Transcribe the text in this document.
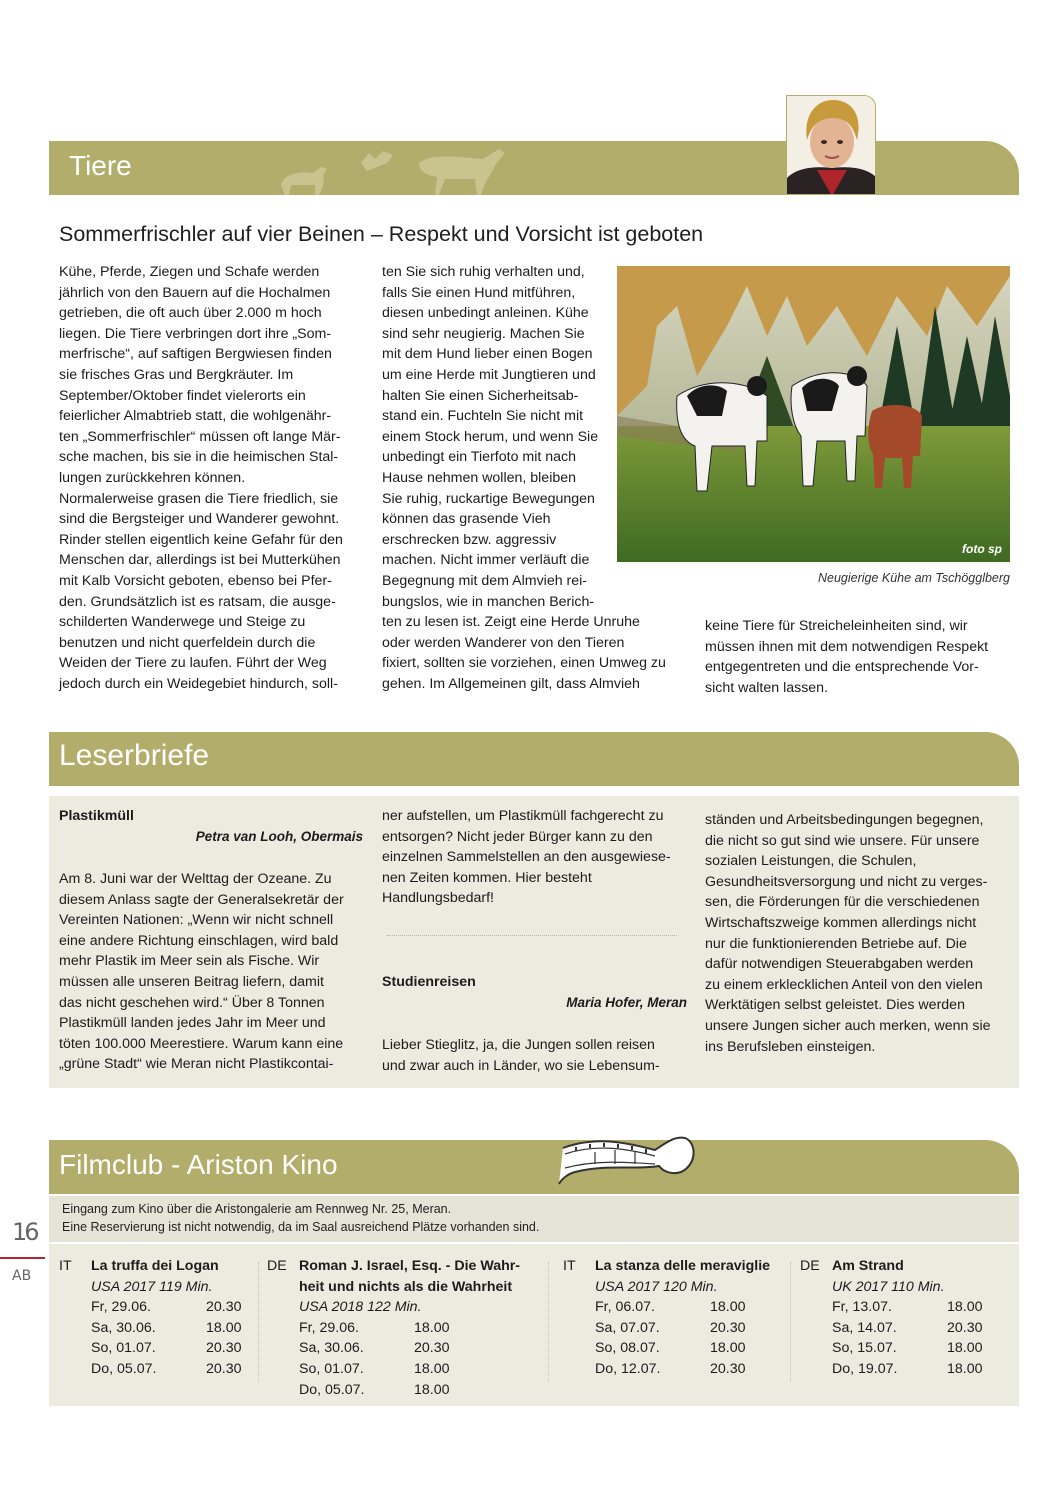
Tiere
Sommerfrischler auf vier Beinen – Respekt und Vorsicht ist geboten

Kühe, Pferde, Ziegen und Schafe werden

jährlich von den Bauern auf die Hochalmen

getrieben, die oft auch über 2.000 m hoch

liegen. Die Tiere verbringen dort ihre „Som-

merfrische“, auf saftigen Bergwiesen finden

sie frisches Gras und Bergkräuter. Im

September/Oktober findet vielerorts ein

feierlicher Almabtrieb statt, die wohlgenähr-

ten „Sommerfrischler“ müssen oft lange Mär-

sche machen, bis sie in die heimischen Stal-

lungen zurückkehren können.

Normalerweise grasen die Tiere friedlich, sie

sind die Bergsteiger und Wanderer gewohnt.

Rinder stellen eigentlich keine Gefahr für den

Menschen dar, allerdings ist bei Mutterkühen

mit Kalb Vorsicht geboten, ebenso bei Pfer-

den. Grundsätzlich ist es ratsam, die ausge-

schilderten Wanderwege und Steige zu

benutzen und nicht querfeldein durch die

Weiden der Tiere zu laufen. Führt der Weg

jedoch durch ein Weidegebiet hindurch, soll-

ten Sie sich ruhig verhalten und,

falls Sie einen Hund mitführen,

diesen unbedingt anleinen. Kühe

sind sehr neugierig. Machen Sie

mit dem Hund lieber einen Bogen

um eine Herde mit Jungtieren und

halten Sie einen Sicherheitsab-

stand ein. Fuchteln Sie nicht mit

einem Stock herum, und wenn Sie

unbedingt ein Tierfoto mit nach

Hause nehmen wollen, bleiben

Sie ruhig, ruckartige Bewegungen

können das grasende Vieh

erschrecken bzw. aggressiv

machen. Nicht immer verläuft die

Begegnung mit dem Almvieh rei-

bungslos, wie in manchen Berich-

ten zu lesen ist. Zeigt eine Herde Unruhe

oder werden Wanderer von den Tieren

fixiert, sollten sie vorziehen, einen Umweg zu

gehen. Im Allgemeinen gilt, dass Almvieh

keine Tiere für Streicheleinheiten sind, wir

müssen ihnen mit dem notwendigen Respekt

entgegentreten und die entsprechende Vor-

sicht walten lassen.

foto sp
Neugierige Kühe am Tschögglberg
Leserbriefe
Plastikmüll
Petra van Looh, Obermais

Am 8. Juni war der Welttag der Ozeane. Zu

diesem Anlass sagte der Generalsekretär der

Vereinten Nationen: „Wenn wir nicht schnell

eine andere Richtung einschlagen, wird bald

mehr Plastik im Meer sein als Fische. Wir

müssen alle unseren Beitrag liefern, damit

das nicht geschehen wird.“ Über 8 Tonnen

Plastikmüll landen jedes Jahr im Meer und

töten 100.000 Meerestiere. Warum kann eine

„grüne Stadt“ wie Meran nicht Plastikcontai-

ner aufstellen, um Plastikmüll fachgerecht zu

entsorgen? Nicht jeder Bürger kann zu den

einzelnen Sammelstellen an den ausgewiese-

nen Zeiten kommen. Hier besteht

Handlungsbedarf!

Studienreisen
Maria Hofer, Meran

Lieber Stieglitz, ja, die Jungen sollen reisen

und zwar auch in Länder, wo sie Lebensum-

ständen und Arbeitsbedingungen begegnen,

die nicht so gut sind wie unsere. Für unsere

sozialen Leistungen, die Schulen,

Gesundheitsversorgung und nicht zu verges-

sen, die Förderungen für die verschiedenen

Wirtschaftszweige kommen allerdings nicht

nur die funktionierenden Betriebe auf. Die

dafür notwendigen Steuerabgaben werden

zu einem erklecklichen Anteil von den vielen

Werktätigen selbst geleistet. Dies werden

unsere Jungen sicher auch merken, wenn sie

ins Berufsleben einsteigen.

Filmclub - Ariston Kino
Eingang zum Kino über die Aristongalerie am Rennweg Nr. 25, Meran.
Eine Reservierung ist nicht notwendig, da im Saal ausreichend Plätze vorhanden sind.
IT La truffa dei Logan
USA 2017 119 Min.
Fr, 29.06.	20.30
Sa, 30.06.	18.00
So, 01.07.	20.30
Do, 05.07.	20.30
DE Roman J. Israel, Esq. - Die Wahr-
heit und nichts als die Wahrheit
USA 2018 122 Min.
Fr, 29.06.	18.00
Sa, 30.06.	20.30
So, 01.07.	18.00
Do, 05.07.	18.00
IT La stanza delle meraviglie
USA 2017 120 Min.
Fr, 06.07.	18.00
Sa, 07.07.	20.30
So, 08.07.	18.00
Do, 12.07.	20.30
DE Am Strand
UK 2017 110 Min.
Fr, 13.07.	18.00
Sa, 14.07.	20.30
So, 15.07.	18.00
Do, 19.07.	18.00
16
AB
